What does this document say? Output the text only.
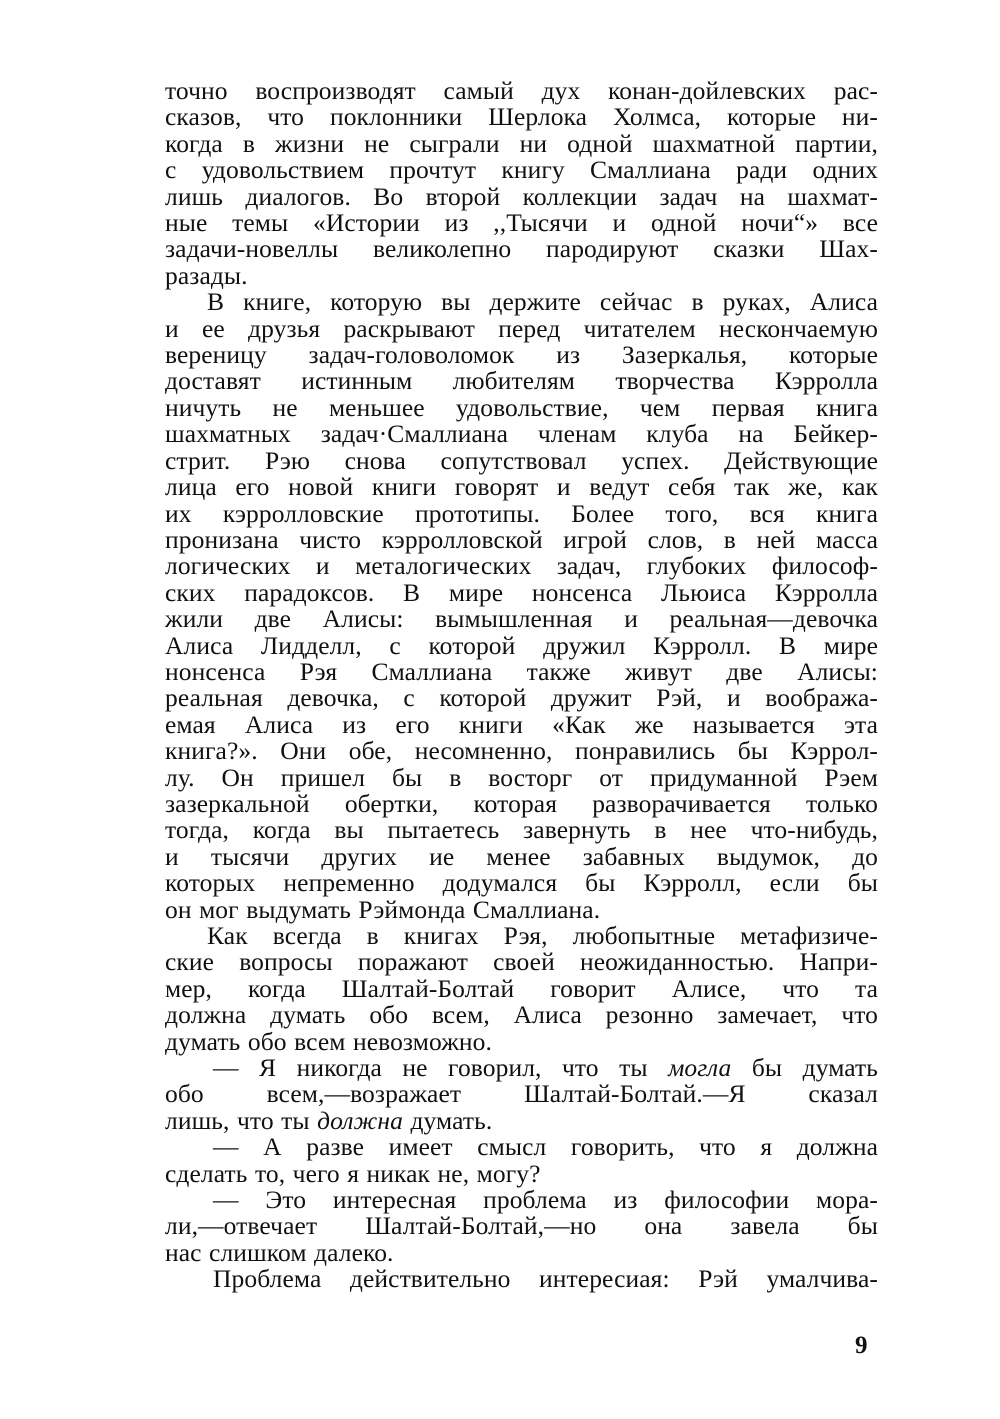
точно воспроизводят самый дух конан-дойлевских рас-
сказов, что поклонники Шерлока Холмса, которые ни-
когда в жизни не сыграли ни одной шахматной партии,
с удовольствием прочтут книгу Смаллиана ради одних
лишь диалогов. Во второй коллекции задач на шахмат-
ные темы «Истории из ,,Тысячи и одной ночи“» все
задачи-новеллы великолепно пародируют сказки Шах-
разады.

В книге, которую вы держите сейчас в руках, Алиса
и ее друзья раскрывают перед читателем нескончаемую
вереницу задач-головоломок из Зазеркалья, которые
доставят истинным любителям творчества Кэрролла
ничуть не меньшее удовольствие, чем первая книга
шахматных задач·Смаллиана членам клуба на Бейкер-
стрит. Рэю снова сопутствовал успех. Действующие
лица его новой книги говорят и ведут себя так же, как
их кэрролловские прототипы. Более того, вся книга
пронизана чисто кэрролловской игрой слов, в ней масса
логических и металогических задач, глубоких философ-
ских парадоксов. В мире нонсенса Льюиса Кэрролла
жили две Алисы: вымышленная и реальная—девочка
Алиса Лидделл, с которой дружил Кэрролл. В мире
нонсенса Рэя Смаллиана также живут две Алисы:
реальная девочка, с которой дружит Рэй, и вообража-
емая Алиса из его книги «Как же называется эта
книга?». Они обе, несомненно, понравились бы Кэррол-
лу. Он пришел бы в восторг от придуманной Рэем
зазеркальной обертки, которая разворачивается только
тогда, когда вы пытаетесь завернуть в нее что-нибудь,
и тысячи других ие менее забавных выдумок, до
которых непременно додумался бы Кэрролл, если бы
он мог выдумать Рэймонда Смаллиана.

Как всегда в книгах Рэя, любопытные метафизиче-
ские вопросы поражают своей неожиданностью. Напри-
мер, когда Шалтай-Болтай говорит Алисе, что та
должна думать обо всем, Алиса резонно замечает, что
думать обо всем невозможно.

— Я никогда не говорил, что ты могла бы думать
обо всем,—возражает Шалтай-Болтай.—Я сказал
лишь, что ты должна думать.

— А разве имеет смысл говорить, что я должна
сделать то, чего я никак не, могу?

— Это интересная проблема из философии мора-
ли,—отвечает Шалтай-Болтай,—но она завела бы
нас слишком далеко.

Проблема действительно интересиая: Рэй умалчива-

9
